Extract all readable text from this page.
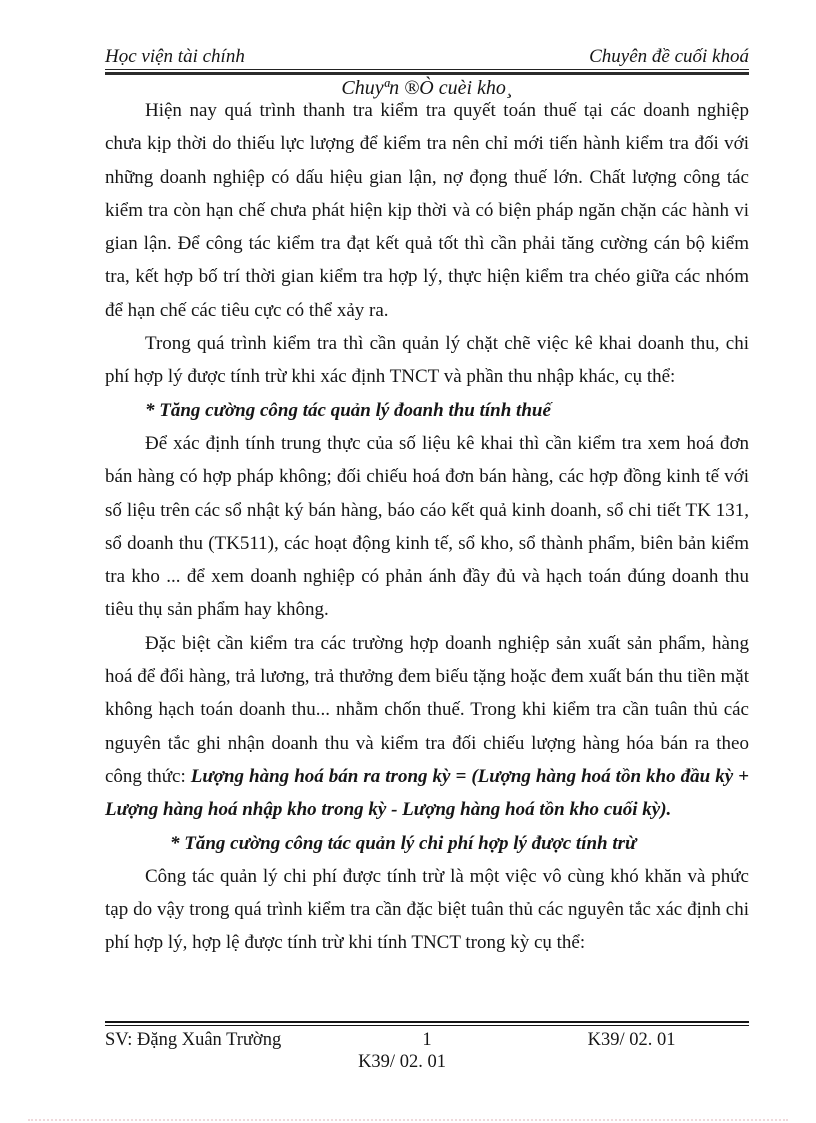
Học viện tài chính	Chuyên đề cuối khoá
Chuyªn ®Ò cuèi kho¸

Hiện nay quá trình thanh tra kiểm tra quyết toán thuế tại các doanh nghiệp chưa kịp thời do thiếu lực lượng để kiểm tra nên chỉ mới tiến hành kiểm tra đối với những doanh nghiệp có dấu hiệu gian lận, nợ đọng thuế lớn. Chất lượng công tác kiểm tra còn hạn chế chưa phát hiện kịp thời và có biện pháp ngăn chặn các hành vi gian lận. Để công tác kiểm tra đạt kết quả tốt thì cần phải tăng cường cán bộ kiểm tra, kết hợp bố trí thời gian kiểm tra hợp lý, thực hiện kiểm tra chéo giữa các nhóm để hạn chế các tiêu cực có thể xảy ra.

Trong quá trình kiểm tra thì cần quản lý chặt chẽ việc kê khai doanh thu, chi phí hợp lý được tính trừ khi xác định TNCT và phần thu nhập khác, cụ thể:

* Tăng cường công tác quản lý đoanh thu tính thuế

Để xác định tính trung thực của số liệu kê khai thì cần kiểm tra xem hoá đơn bán hàng có hợp pháp không; đối chiếu hoá đơn bán hàng, các hợp đồng kinh tế với số liệu trên các sổ nhật ký bán hàng, báo cáo kết quả kinh doanh, sổ chi tiết TK 131, sổ doanh thu (TK511), các hoạt động kinh tế, sổ kho, sổ thành phẩm, biên bản kiểm tra kho ... để xem doanh nghiệp có phản ánh đầy đủ và hạch toán đúng doanh thu tiêu thụ sản phẩm hay không.

Đặc biệt cần kiểm tra các trường hợp doanh nghiệp sản xuất sản phẩm, hàng hoá để đổi hàng, trả lương, trả thưởng đem biếu tặng hoặc đem xuất bán thu tiền mặt không hạch toán doanh thu... nhằm chốn thuế. Trong khi kiểm tra cần tuân thủ các nguyên tắc ghi nhận doanh thu và kiểm tra đối chiếu lượng hàng hóa bán ra theo công thức: Lượng hàng hoá bán ra trong kỳ = (Lượng hàng hoá tồn kho đầu kỳ + Lượng hàng hoá nhập kho trong kỳ - Lượng hàng hoá tồn kho cuối kỳ).

* Tăng cường công tác quản lý chi phí hợp lý được tính trừ

Công tác quản lý chi phí được tính trừ là một việc vô cùng khó khăn và phức tạp do vậy trong quá trình kiểm tra cần đặc biệt tuân thủ các nguyên tắc xác định chi phí hợp lý, hợp lệ được tính trừ khi tính TNCT trong kỳ cụ thể:

SV: Đặng Xuân Trường	1	K39/ 02. 01
K39/ 02. 01
